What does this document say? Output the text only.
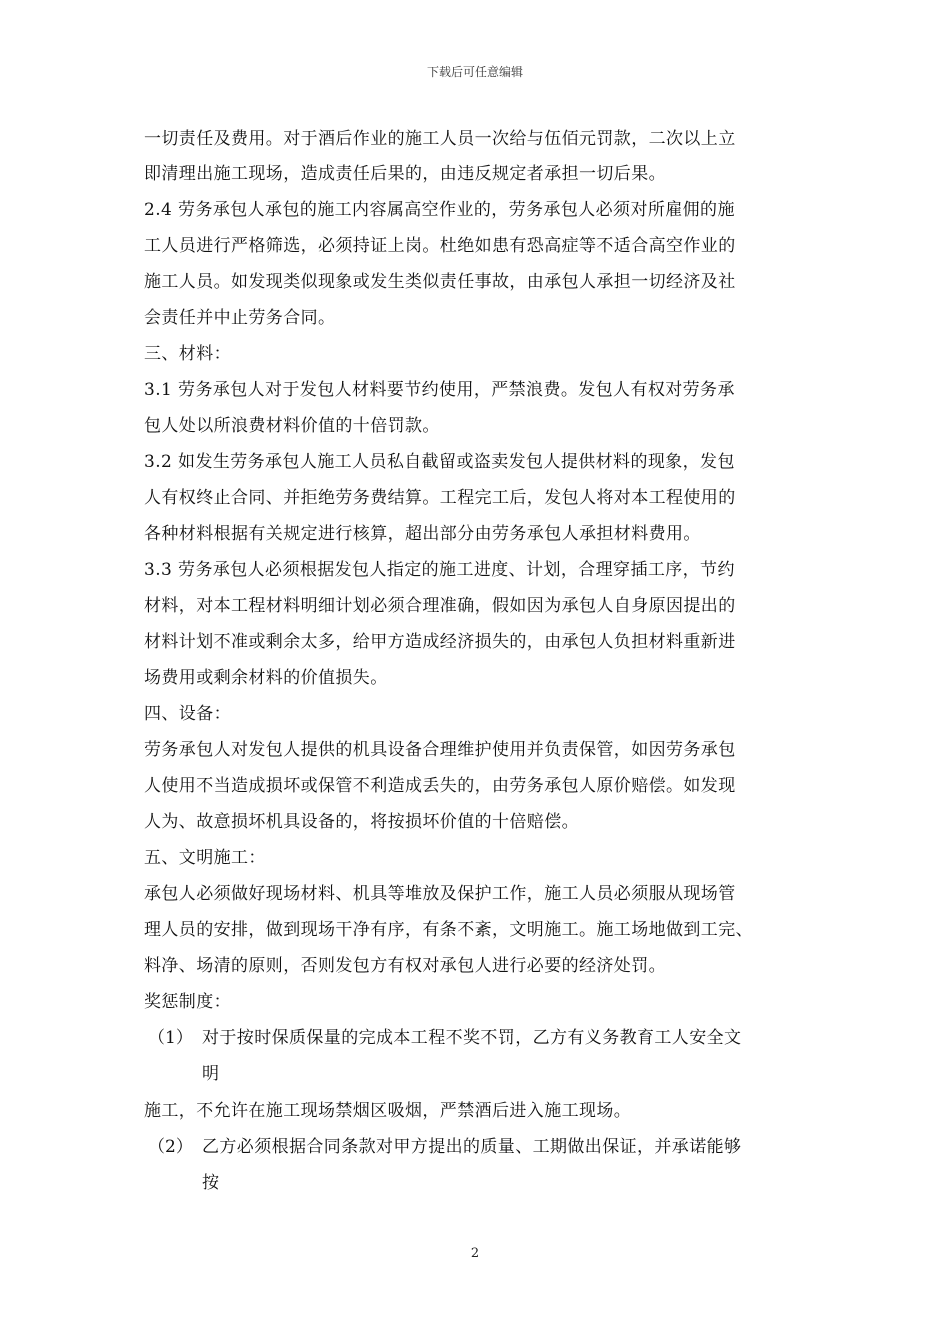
下载后可任意编辑
一切责任及费用。对于酒后作业的施工人员一次给与伍佰元罚款，二次以上立
即清理出施工现场，造成责任后果的，由违反规定者承担一切后果。
2.4 劳务承包人承包的施工内容属高空作业的，劳务承包人必须对所雇佣的施
工人员进行严格筛选，必须持证上岗。杜绝如患有恐高症等不适合高空作业的
施工人员。如发现类似现象或发生类似责任事故，由承包人承担一切经济及社
会责任并中止劳务合同。
三、材料：
3.1 劳务承包人对于发包人材料要节约使用，严禁浪费。发包人有权对劳务承
包人处以所浪费材料价值的十倍罚款。
3.2 如发生劳务承包人施工人员私自截留或盗卖发包人提供材料的现象，发包
人有权终止合同、并拒绝劳务费结算。工程完工后，发包人将对本工程使用的
各种材料根据有关规定进行核算，超出部分由劳务承包人承担材料费用。
3.3 劳务承包人必须根据发包人指定的施工进度、计划，合理穿插工序，节约
材料，对本工程材料明细计划必须合理准确，假如因为承包人自身原因提出的
材料计划不准或剩余太多，给甲方造成经济损失的，由承包人负担材料重新进
场费用或剩余材料的价值损失。
四、设备：
劳务承包人对发包人提供的机具设备合理维护使用并负责保管，如因劳务承包
人使用不当造成损坏或保管不利造成丢失的，由劳务承包人原价赔偿。如发现
人为、故意损坏机具设备的，将按损坏价值的十倍赔偿。
五、文明施工：
承包人必须做好现场材料、机具等堆放及保护工作，施工人员必须服从现场管
理人员的安排，做到现场干净有序，有条不紊，文明施工。施工场地做到工完、
料净、场清的原则，否则发包方有权对承包人进行必要的经济处罚。
奖惩制度：
（1） 对于按时保质保量的完成本工程不奖不罚，乙方有义务教育工人安全文
明
施工，不允许在施工现场禁烟区吸烟，严禁酒后进入施工现场。
（2） 乙方必须根据合同条款对甲方提出的质量、工期做出保证，并承诺能够
按
2
